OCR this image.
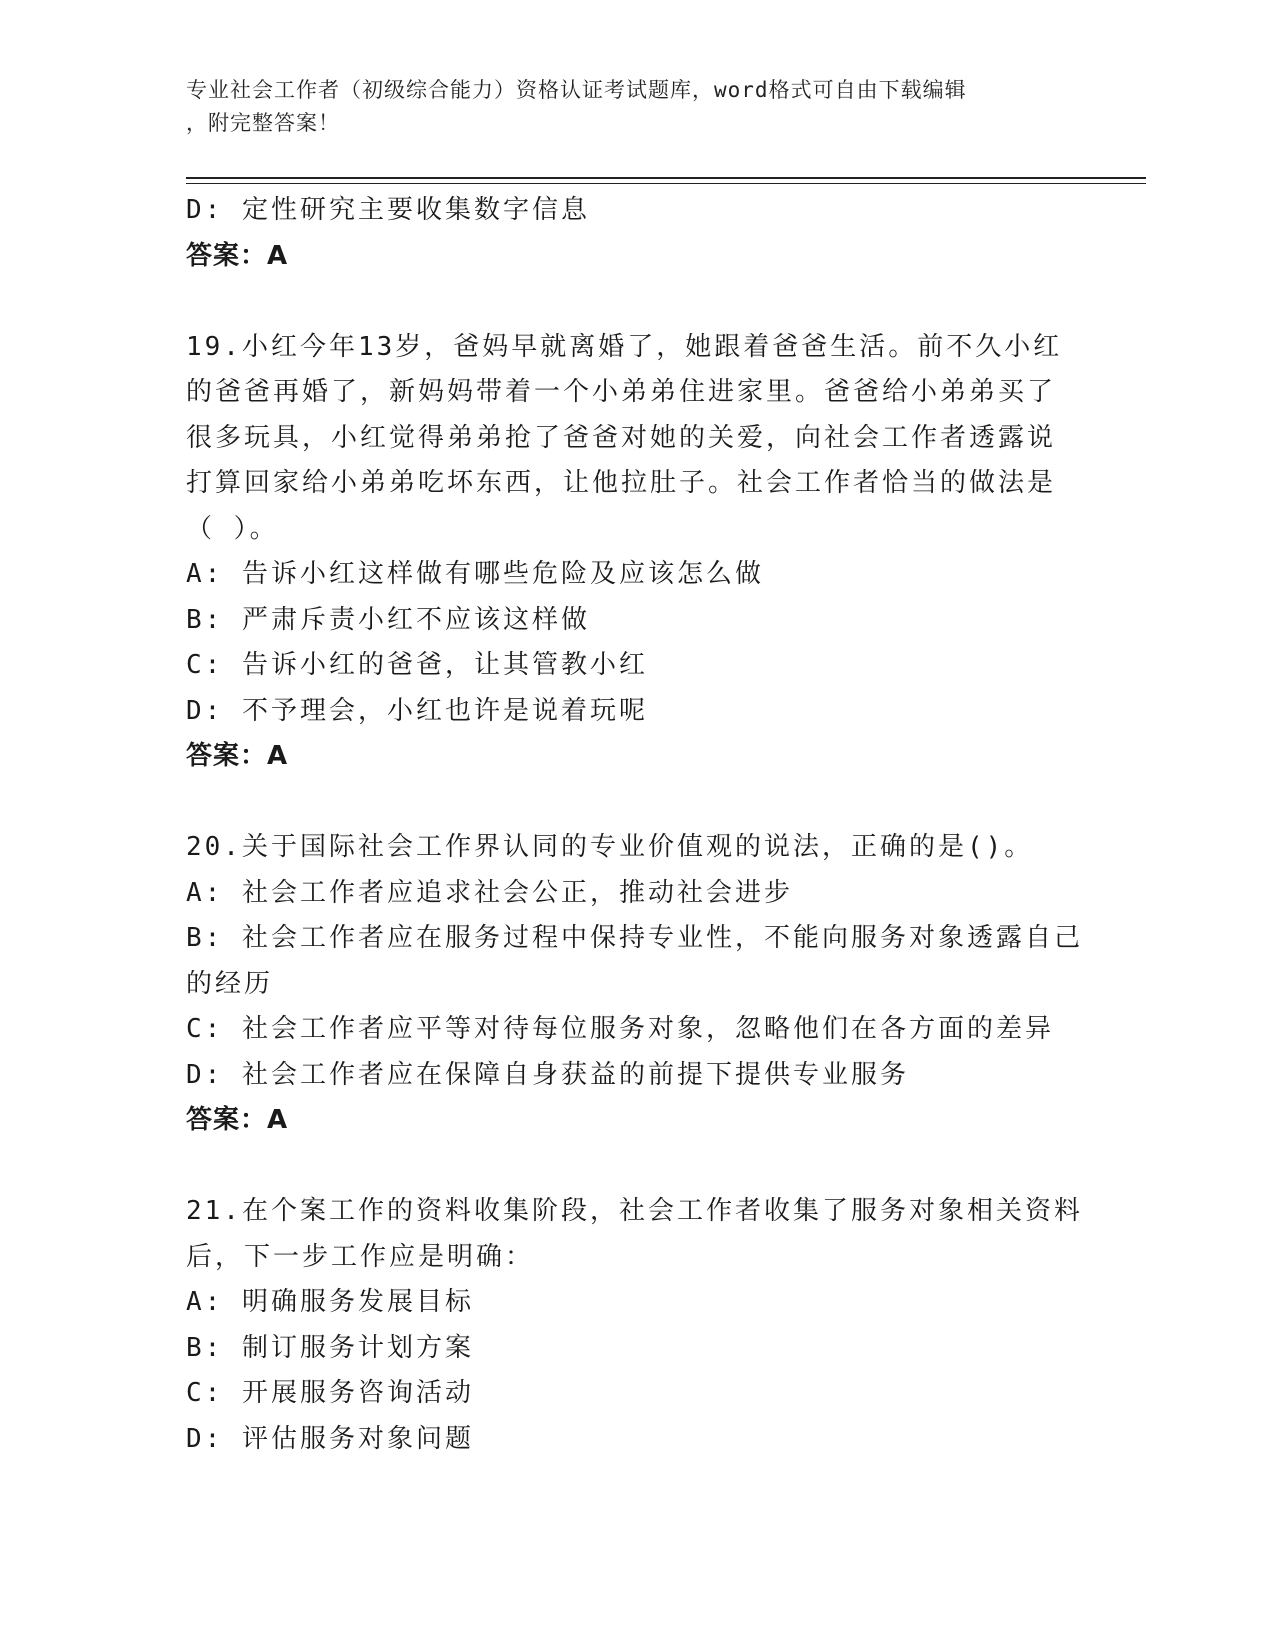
专业社会工作者（初级综合能力）资格认证考试题库，word格式可自由下载编辑
，附完整答案！

D: 定性研究主要收集数字信息

答案：A

19.小红今年13岁，爸妈早就离婚了，她跟着爸爸生活。前不久小红

的爸爸再婚了，新妈妈带着一个小弟弟住进家里。爸爸给小弟弟买了

很多玩具，小红觉得弟弟抢了爸爸对她的关爱，向社会工作者透露说

打算回家给小弟弟吃坏东西，让他拉肚子。社会工作者恰当的做法是

（ ）。

A: 告诉小红这样做有哪些危险及应该怎么做

B: 严肃斥责小红不应该这样做

C: 告诉小红的爸爸，让其管教小红

D: 不予理会，小红也许是说着玩呢

答案：A

20.关于国际社会工作界认同的专业价值观的说法，正确的是()。

A: 社会工作者应追求社会公正，推动社会进步

B: 社会工作者应在服务过程中保持专业性，不能向服务对象透露自己

的经历

C: 社会工作者应平等对待每位服务对象，忽略他们在各方面的差异

D: 社会工作者应在保障自身获益的前提下提供专业服务

答案：A

21.在个案工作的资料收集阶段，社会工作者收集了服务对象相关资料

后，下一步工作应是明确：

A: 明确服务发展目标

B: 制订服务计划方案

C: 开展服务咨询活动

D: 评估服务对象问题
